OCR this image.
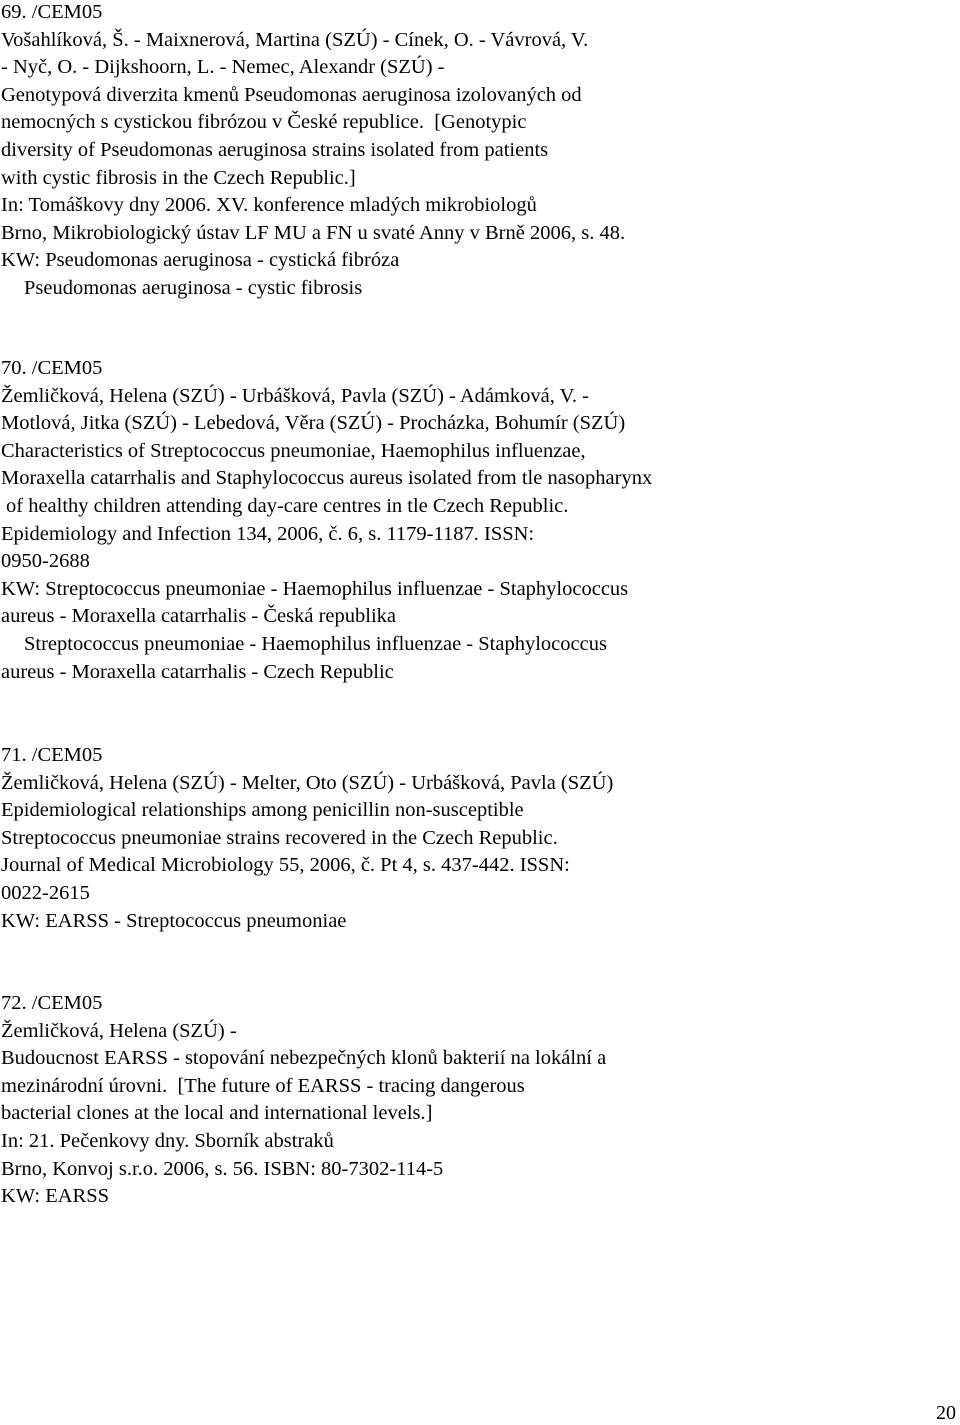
69. /CEM05
Vošahlíková, Š. - Maixnerová, Martina (SZÚ) - Cínek, O. - Vávrová, V.
- Nyč, O. - Dijkshoorn, L. - Nemec, Alexandr (SZÚ) -
Genotypová diverzita kmenů Pseudomonas aeruginosa izolovaných od
nemocných s cystickou fibrózou v České republice.  [Genotypic
diversity of Pseudomonas aeruginosa strains isolated from patients
with cystic fibrosis in the Czech Republic.]
In: Tomáškovy dny 2006. XV. konference mladých mikrobiologů
Brno, Mikrobiologický ústav LF MU a FN u svaté Anny v Brně 2006, s. 48.
KW: Pseudomonas aeruginosa - cystická fibróza
Pseudomonas aeruginosa - cystic fibrosis
70. /CEM05
Žemličková, Helena (SZÚ) - Urbášková, Pavla (SZÚ) - Adámková, V. -
Motlová, Jitka (SZÚ) - Lebedová, Věra (SZÚ) - Procházka, Bohumír (SZÚ)
Characteristics of Streptococcus pneumoniae, Haemophilus influenzae,
Moraxella catarrhalis and Staphylococcus aureus isolated from tle nasopharynx
of healthy children attending day-care centres in tle Czech Republic.
Epidemiology and Infection 134, 2006, č. 6, s. 1179-1187. ISSN:
0950-2688
KW: Streptococcus pneumoniae - Haemophilus influenzae - Staphylococcus
aureus - Moraxella catarrhalis - Česká republika
Streptococcus pneumoniae - Haemophilus influenzae - Staphylococcus
aureus - Moraxella catarrhalis - Czech Republic
71. /CEM05
Žemličková, Helena (SZÚ) - Melter, Oto (SZÚ) - Urbášková, Pavla (SZÚ)
Epidemiological relationships among penicillin non-susceptible
Streptococcus pneumoniae strains recovered in the Czech Republic.
Journal of Medical Microbiology 55, 2006, č. Pt 4, s. 437-442. ISSN:
0022-2615
KW: EARSS - Streptococcus pneumoniae
72. /CEM05
Žemličková, Helena (SZÚ) -
Budoucnost EARSS - stopování nebezpečných klonů bakterií na lokální a
mezinárodní úrovni.  [The future of EARSS - tracing dangerous
bacterial clones at the local and international levels.]
In: 21. Pečenkovy dny. Sborník abstraků
Brno, Konvoj s.r.o. 2006, s. 56. ISBN: 80-7302-114-5
KW: EARSS
20
